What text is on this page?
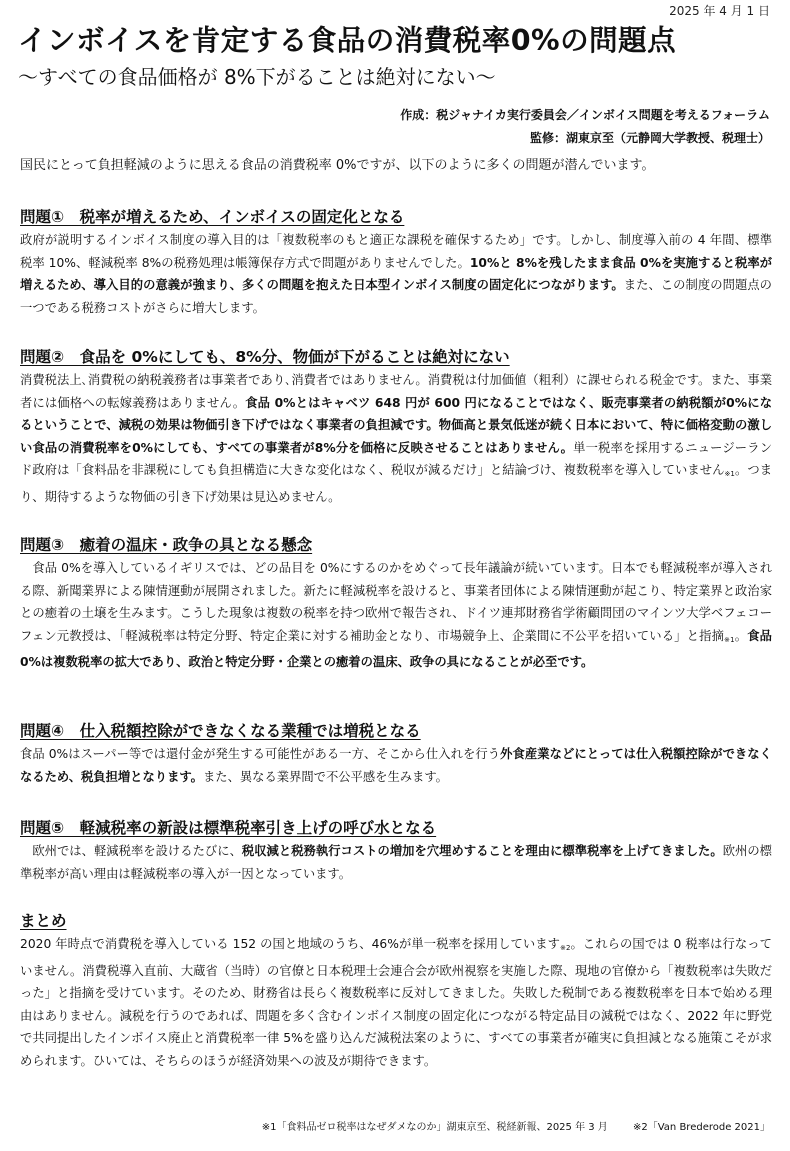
2025 年 4 月 1 日
インボイスを肯定する食品の消費税率0%の問題点
〜すべての食品価格が 8%下がることは絶対にない〜
作成：税ジャナイカ実行委員会／インボイス問題を考えるフォーラム
監修：湖東京至（元静岡大学教授、税理士）
国民にとって負担軽減のように思える食品の消費税率 0%ですが、以下のように多くの問題が潜んでいます。
問題①　税率が増えるため、インボイスの固定化となる

政府が説明するインボイス制度の導入目的は「複数税率のもと適正な課税を確保するため」です。しかし、制度導入前の 4 年間、標準税率 10%、軽減税率 8%の税務処理は帳簿保存方式で問題がありませんでした。10%と 8%を残したまま食品 0%を実施すると税率が増えるため、導入目的の意義が強まり、多くの問題を抱えた日本型インボイス制度の固定化につながります。また、この制度の問題点の一つである税務コストがさらに増大します。

問題②　食品を 0%にしても、8%分、物価が下がることは絶対にない

消費税法上､消費税の納税義務者は事業者であり､消費者ではありません。消費税は付加価値（粗利）に課せられる税金です。また、事業者には価格への転嫁義務はありません。食品 0%とはキャベツ 648 円が 600 円になることではなく、販売事業者の納税額が0%になるということで、減税の効果は物価引き下げではなく事業者の負担減です。物価高と景気低迷が続く日本において、特に価格変動の激しい食品の消費税率を0%にしても、すべての事業者が8%分を価格に反映させることはありません。単一税率を採用するニュージーランド政府は「食料品を非課税にしても負担構造に大きな変化はなく、税収が減るだけ」と結論づけ、複数税率を導入していません※1。つまり、期待するような物価の引き下げ効果は見込めません。

問題③　癒着の温床・政争の具となる懸念

　食品 0%を導入しているイギリスでは、どの品目を 0%にするのかをめぐって長年議論が続いています。日本でも軽減税率が導入される際、新聞業界による陳情運動が展開されました。新たに軽減税率を設けると、事業者団体による陳情運動が起こり、特定業界と政治家との癒着の土壌を生みます。こうした現象は複数の税率を持つ欧州で報告され、ドイツ連邦財務省学術顧問団のマインツ大学ベフェコーフェン元教授は、「軽減税率は特定分野、特定企業に対する補助金となり、市場競争上、企業間に不公平を招いている」と指摘※1。食品 0%は複数税率の拡大であり、政治と特定分野・企業との癒着の温床、政争の具になることが必至です。

問題④　仕入税額控除ができなくなる業種では増税となる

食品 0%はスーパー等では還付金が発生する可能性がある一方、そこから仕入れを行う外食産業などにとっては仕入税額控除ができなくなるため、税負担増となります。また、異なる業界間で不公平感を生みます。

問題⑤　軽減税率の新設は標準税率引き上げの呼び水となる

　欧州では、軽減税率を設けるたびに、税収減と税務執行コストの増加を穴埋めすることを理由に標準税率を上げてきました。欧州の標準税率が高い理由は軽減税率の導入が一因となっています。

まとめ

2020 年時点で消費税を導入している 152 の国と地域のうち、46%が単一税率を採用しています※2。これらの国では 0 税率は行なっていません。消費税導入直前、大蔵省（当時）の官僚と日本税理士会連合会が欧州視察を実施した際、現地の官僚から「複数税率は失敗だった」と指摘を受けています。そのため、財務省は長らく複数税率に反対してきました。失敗した税制である複数税率を日本で始める理由はありません。減税を行うのであれば、問題を多く含むインボイス制度の固定化につながる特定品目の減税ではなく、2022 年に野党で共同提出したインボイス廃止と消費税率一律 5%を盛り込んだ減税法案のように、すべての事業者が確実に負担減となる施策こそが求められます。ひいては、そちらのほうが経済効果への波及が期待できます。

※1「食料品ゼロ税率はなぜダメなのか」湖東京至、税経新報、2025 年 3 月	※2「Van Brederode 2021」
